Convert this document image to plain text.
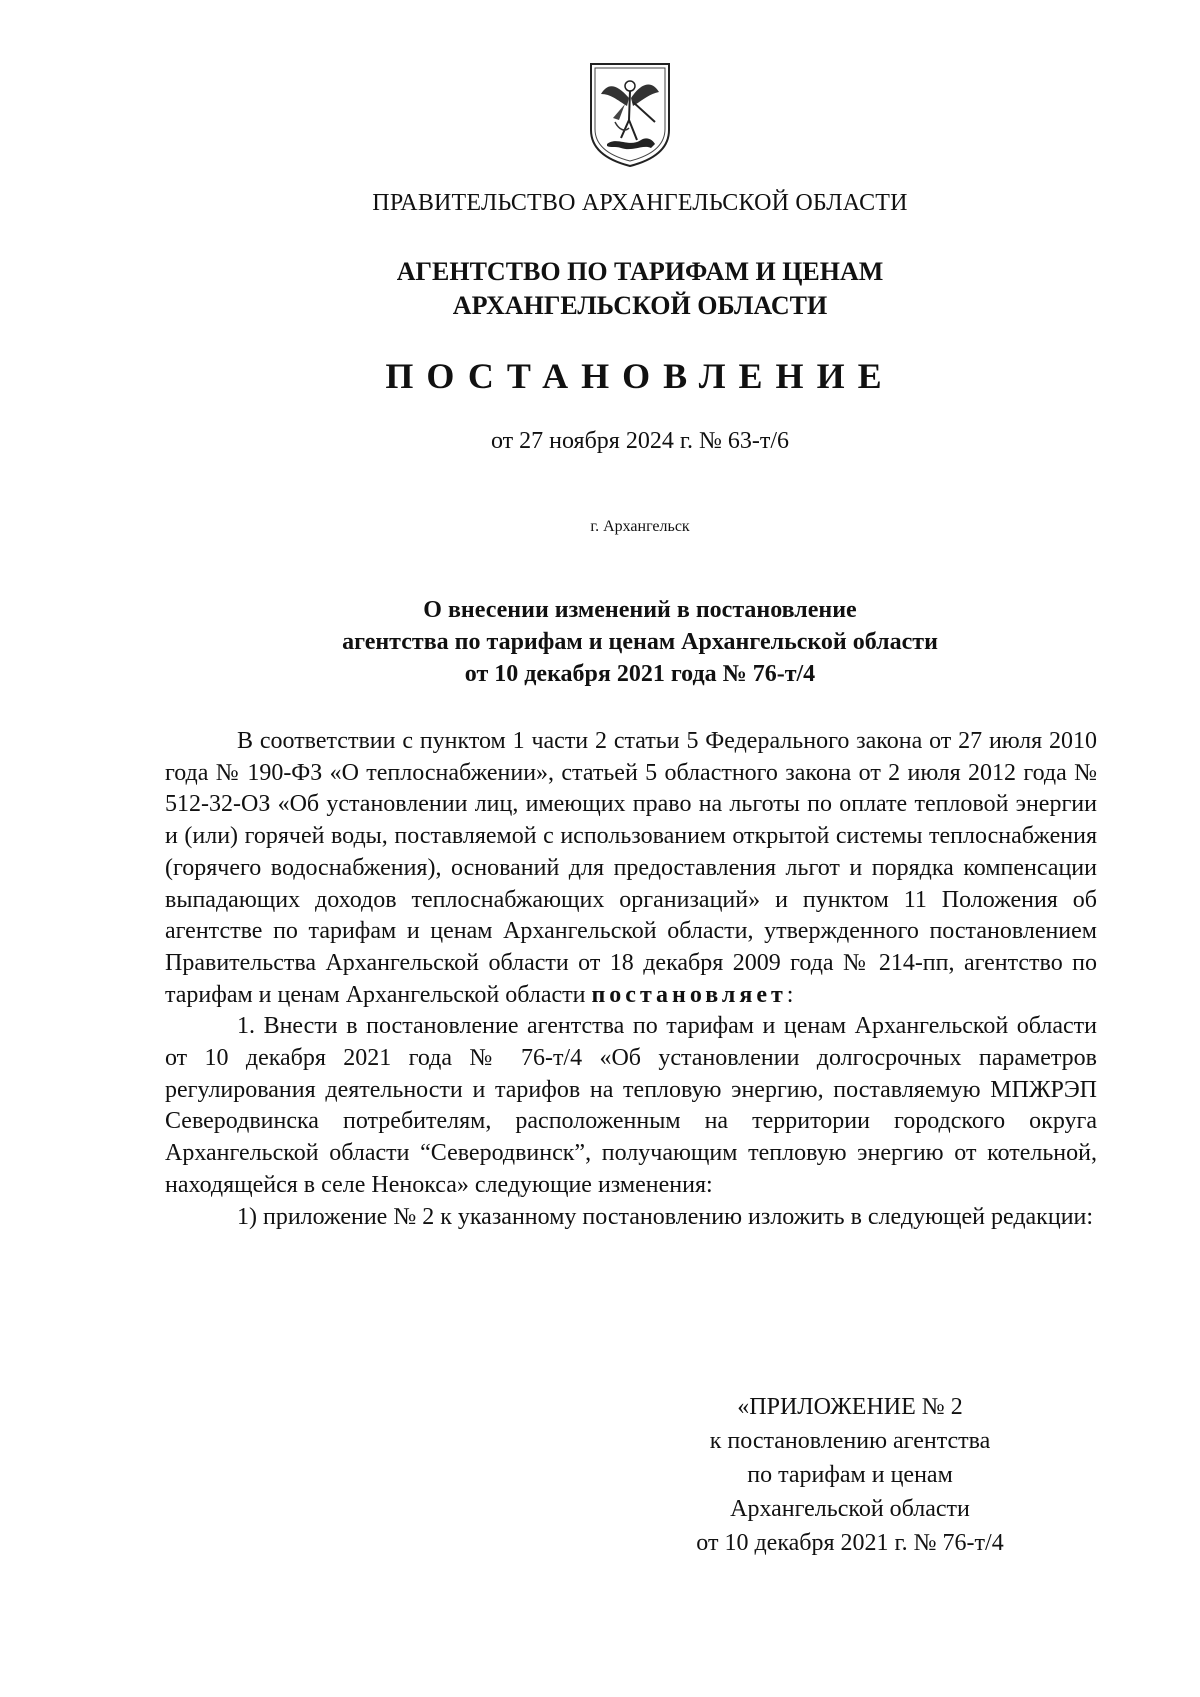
ПРАВИТЕЛЬСТВО АРХАНГЕЛЬСКОЙ ОБЛАСТИ
АГЕНТСТВО ПО ТАРИФАМ И ЦЕНАМ
АРХАНГЕЛЬСКОЙ ОБЛАСТИ
ПОСТАНОВЛЕНИЕ
от 27 ноября 2024 г. № 63-т/6
г. Архангельск
О внесении изменений в постановление
агентства по тарифам и ценам Архангельской области
от 10 декабря 2021 года № 76-т/4

В соответствии с пунктом 1 части 2 статьи 5 Федерального закона от 27 июля 2010 года № 190-ФЗ «О теплоснабжении», статьей 5 областного закона от 2 июля 2012 года № 512-32-ОЗ «Об установлении лиц, имеющих право на льготы по оплате тепловой энергии и (или) горячей воды, поставляемой с использованием открытой системы теплоснабжения (горячего водоснабжения), оснований для предоставления льгот и порядка компенсации выпадающих доходов теплоснабжающих организаций» и пунктом 11 Положения об агентстве по тарифам и ценам Архангельской области, утвержденного постановлением Правительства Архангельской области от 18 декабря 2009 года № 214-пп, агентство по тарифам и ценам Архангельской области постановляет:

1. Внести в постановление агентства по тарифам и ценам Архангельской области от 10 декабря 2021 года № 76-т/4 «Об установлении долгосрочных параметров регулирования деятельности и тарифов на тепловую энергию, поставляемую МПЖРЭП Северодвинска потребителям, расположенным на территории городского округа Архангельской области “Северодвинск”, получающим тепловую энергию от котельной, находящейся в селе Ненокса» следующие изменения:

1) приложение № 2 к указанному постановлению изложить в следующей редакции:

«ПРИЛОЖЕНИЕ № 2
к постановлению агентства
по тарифам и ценам
Архангельской области
от 10 декабря 2021 г. № 76-т/4
